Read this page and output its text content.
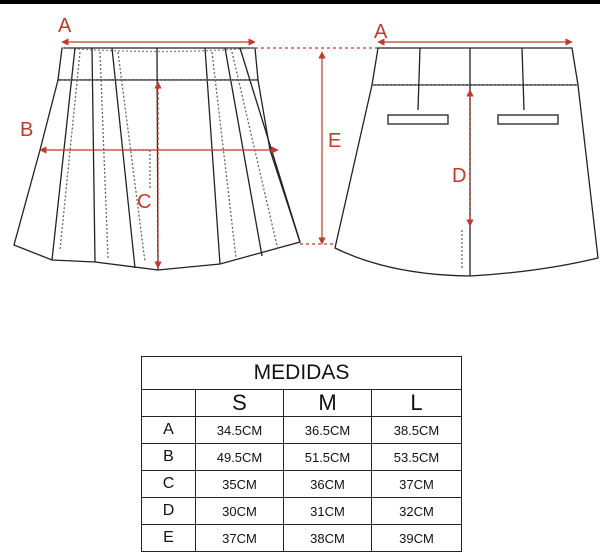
A
B
C
E
A
D
MEDIDAS			
	S	M	L
A	34.5CM	36.5CM	38.5CM
B	49.5CM	51.5CM	53.5CM
C	35CM	36CM	37CM
D	30CM	31CM	32CM
E	37CM	38CM	39CM
